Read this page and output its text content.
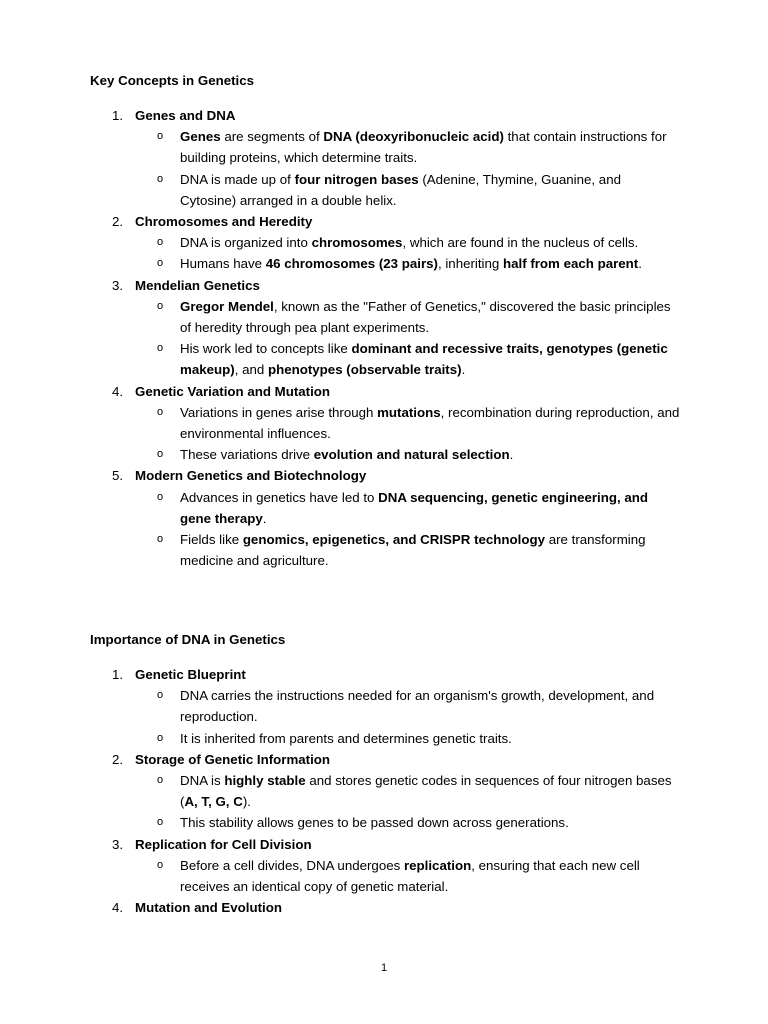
Key Concepts in Genetics
1. Genes and DNA
o Genes are segments of DNA (deoxyribonucleic acid) that contain instructions for building proteins, which determine traits.
o DNA is made up of four nitrogen bases (Adenine, Thymine, Guanine, and Cytosine) arranged in a double helix.
2. Chromosomes and Heredity
o DNA is organized into chromosomes, which are found in the nucleus of cells.
o Humans have 46 chromosomes (23 pairs), inheriting half from each parent.
3. Mendelian Genetics
o Gregor Mendel, known as the "Father of Genetics," discovered the basic principles of heredity through pea plant experiments.
o His work led to concepts like dominant and recessive traits, genotypes (genetic makeup), and phenotypes (observable traits).
4. Genetic Variation and Mutation
o Variations in genes arise through mutations, recombination during reproduction, and environmental influences.
o These variations drive evolution and natural selection.
5. Modern Genetics and Biotechnology
o Advances in genetics have led to DNA sequencing, genetic engineering, and gene therapy.
o Fields like genomics, epigenetics, and CRISPR technology are transforming medicine and agriculture.
Importance of DNA in Genetics
1. Genetic Blueprint
o DNA carries the instructions needed for an organism's growth, development, and reproduction.
o It is inherited from parents and determines genetic traits.
2. Storage of Genetic Information
o DNA is highly stable and stores genetic codes in sequences of four nitrogen bases (A, T, G, C).
o This stability allows genes to be passed down across generations.
3. Replication for Cell Division
o Before a cell divides, DNA undergoes replication, ensuring that each new cell receives an identical copy of genetic material.
4. Mutation and Evolution
1
